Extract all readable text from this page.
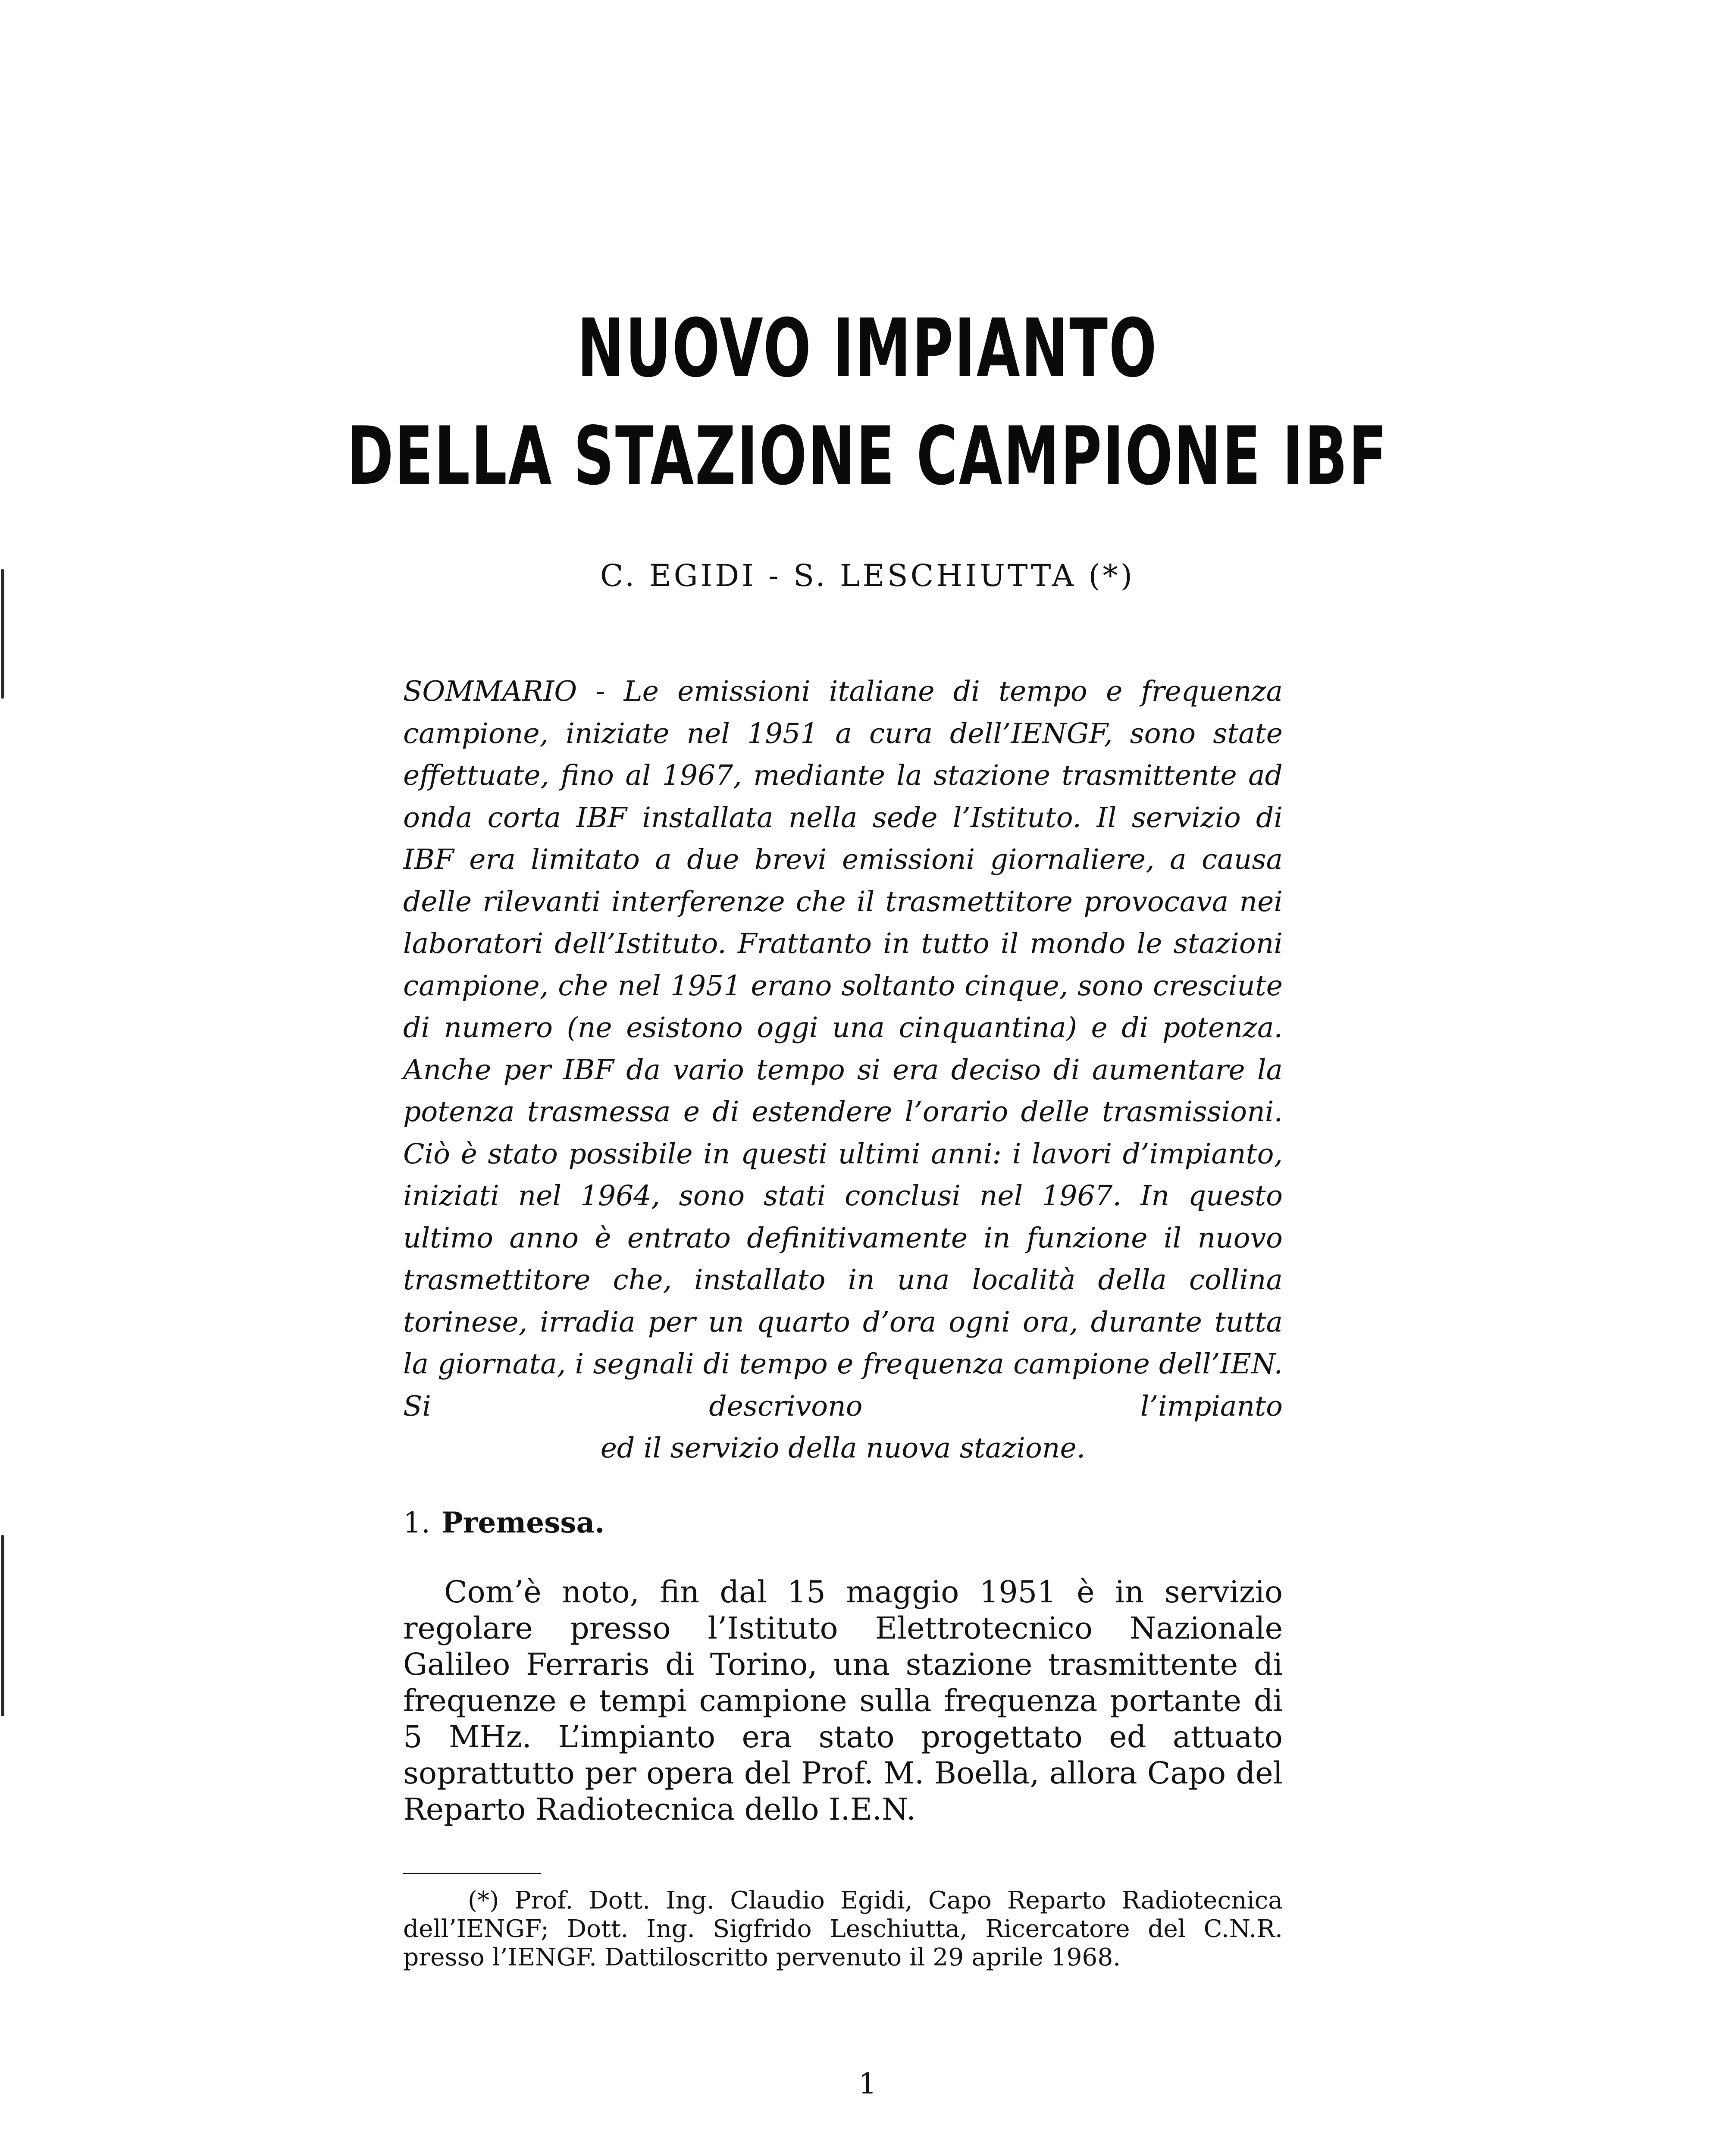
NUOVO IMPIANTO
DELLA STAZIONE CAMPIONE IBF
C. EGIDI - S. LESCHIUTTA (*)

SOMMARIO - Le emissioni italiane di tempo e frequenza campione, iniziate nel 1951 a cura dell’IENGF, sono state effettuate, fino al 1967, mediante la stazione trasmittente ad onda corta IBF installata nella sede l’Istituto. Il servizio di IBF era limitato a due brevi emissioni giornaliere, a causa delle rilevanti interferenze che il trasmettitore provocava nei laboratori dell’Istituto. Frattanto in tutto il mondo le stazioni campione, che nel 1951 erano soltanto cinque, sono cresciute di numero (ne esistono oggi una cinquantina) e di potenza. Anche per IBF da vario tempo si era deciso di aumentare la potenza trasmessa e di estendere l’orario delle trasmissioni. Ciò è stato possibile in questi ultimi anni: i lavori d’impianto, iniziati nel 1964, sono stati conclusi nel 1967. In questo ultimo anno è entrato definitivamente in funzione il nuovo trasmettitore che, installato in una località della collina torinese, irradia per un quarto d’ora ogni ora, durante tutta la giornata, i segnali di tempo e frequenza campione dell’IEN. Si descrivono l’impianto
ed il servizio della nuova stazione.

1. Premessa.

Com’è noto, fin dal 15 maggio 1951 è in servizio regolare presso l’Istituto Elettrotecnico Nazionale Galileo Ferraris di Torino, una stazione trasmittente di frequenze e tempi campione sulla frequenza portante di 5 MHz. L’impianto era stato progettato ed attuato soprattutto per opera del Prof. M. Boella, allora Capo del Reparto Radiotecnica dello I.E.N.

(*) Prof. Dott. Ing. Claudio Egidi, Capo Reparto Radiotecnica dell’IENGF; Dott. Ing. Sigfrido Leschiutta, Ricercatore del C.N.R. presso l’IENGF. Dattiloscritto pervenuto il 29 aprile 1968.

1
